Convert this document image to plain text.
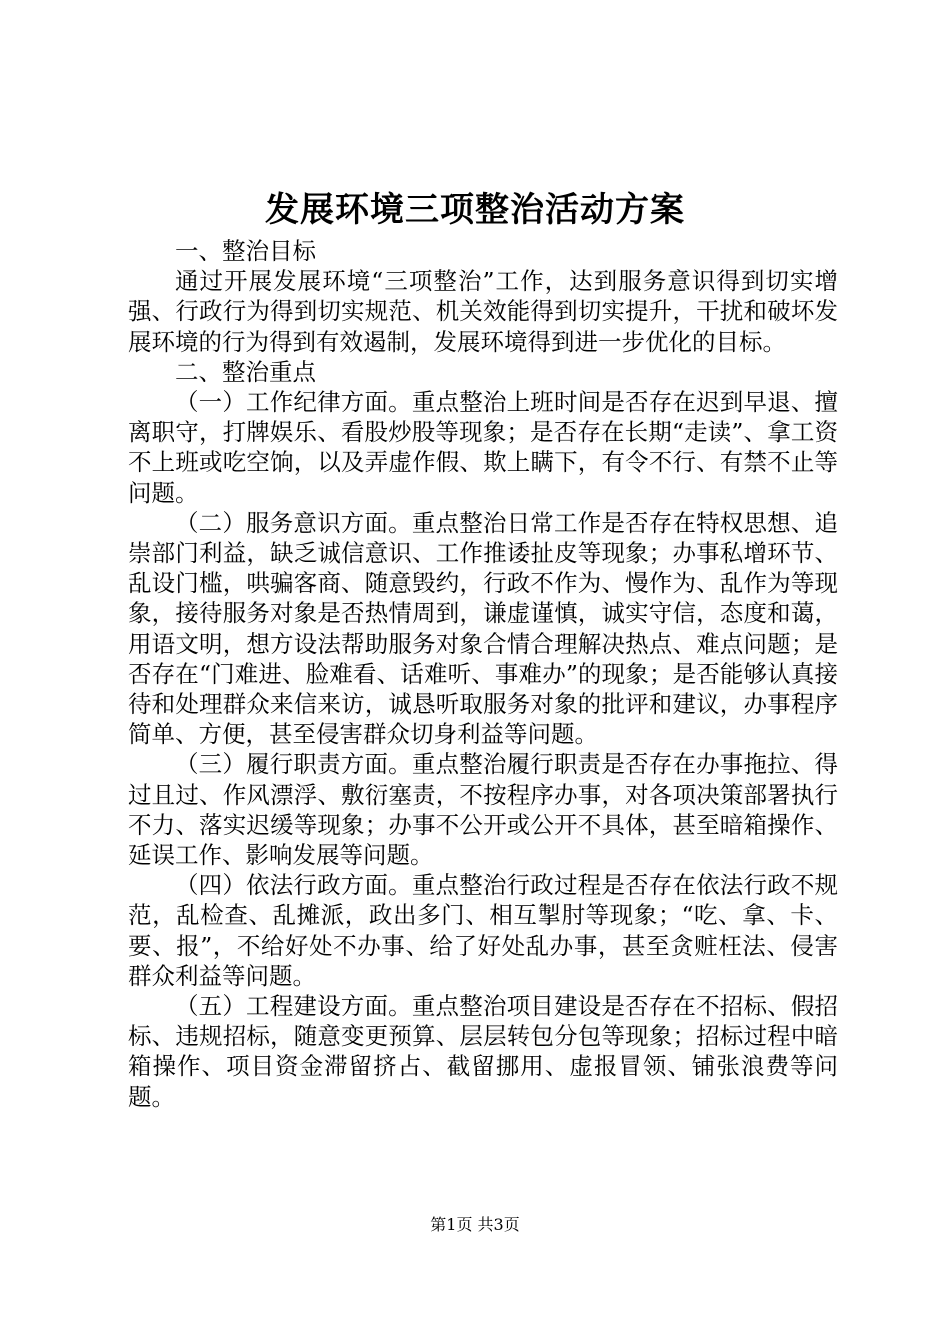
发展环境三项整治活动方案

一、整治目标

通过开展发展环境“三项整治”工作，达到服务意识得到切实增强、行政行为得到切实规范、机关效能得到切实提升，干扰和破坏发展环境的行为得到有效遏制，发展环境得到进一步优化的目标。

二、整治重点

（一）工作纪律方面。重点整治上班时间是否存在迟到早退、擅离职守，打牌娱乐、看股炒股等现象；是否存在长期“走读”、拿工资不上班或吃空饷，以及弄虚作假、欺上瞒下，有令不行、有禁不止等问题。

（二）服务意识方面。重点整治日常工作是否存在特权思想、追崇部门利益，缺乏诚信意识、工作推诿扯皮等现象；办事私增环节、乱设门槛，哄骗客商、随意毁约，行政不作为、慢作为、乱作为等现象，接待服务对象是否热情周到，谦虚谨慎，诚实守信，态度和蔼，用语文明，想方设法帮助服务对象合情合理解决热点、难点问题；是否存在“门难进、脸难看、话难听、事难办”的现象；是否能够认真接待和处理群众来信来访，诚恳听取服务对象的批评和建议，办事程序简单、方便，甚至侵害群众切身利益等问题。

（三）履行职责方面。重点整治履行职责是否存在办事拖拉、得过且过、作风漂浮、敷衍塞责，不按程序办事，对各项决策部署执行不力、落实迟缓等现象；办事不公开或公开不具体，甚至暗箱操作、延误工作、影响发展等问题。

（四）依法行政方面。重点整治行政过程是否存在依法行政不规范，乱检查、乱摊派，政出多门、相互掣肘等现象；“吃、拿、卡、要、报”，不给好处不办事、给了好处乱办事，甚至贪赃枉法、侵害群众利益等问题。

（五）工程建设方面。重点整治项目建设是否存在不招标、假招标、违规招标，随意变更预算、层层转包分包等现象；招标过程中暗箱操作、项目资金滞留挤占、截留挪用、虚报冒领、铺张浪费等问题。

第1页 共3页
